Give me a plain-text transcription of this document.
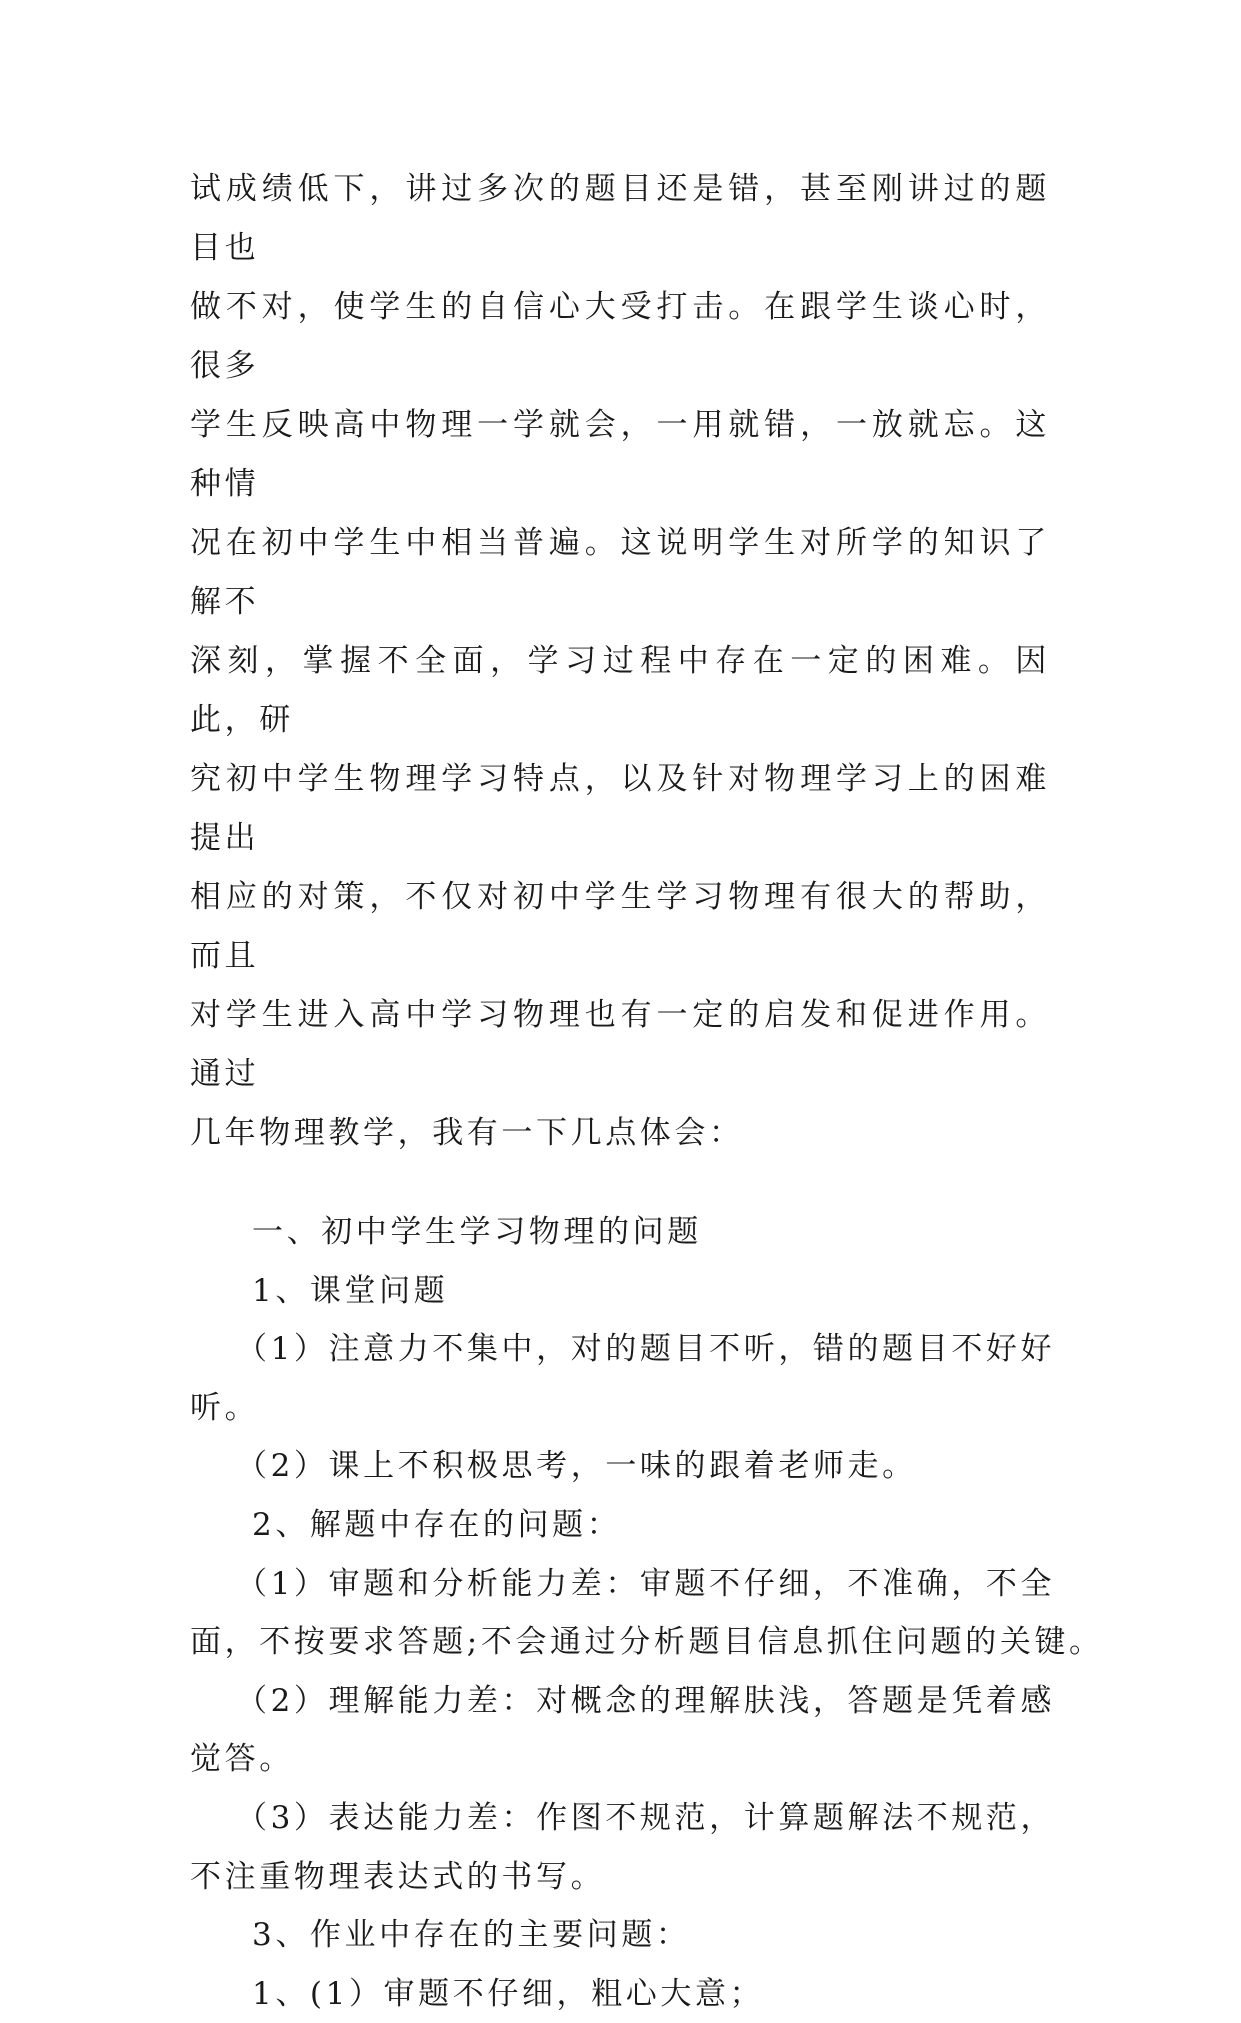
试成绩低下，讲过多次的题目还是错，甚至刚讲过的题目也

做不对，使学生的自信心大受打击。在跟学生谈心时，很多

学生反映高中物理一学就会，一用就错，一放就忘。这种情

况在初中学生中相当普遍。这说明学生对所学的知识了解不

深刻，掌握不全面，学习过程中存在一定的困难。因此，研

究初中学生物理学习特点，以及针对物理学习上的困难提出

相应的对策，不仅对初中学生学习物理有很大的帮助，而且

对学生进入高中学习物理也有一定的启发和促进作用。通过

几年物理教学，我有一下几点体会：

一、初中学生学习物理的问题

1、课堂问题

（1）注意力不集中，对的题目不听，错的题目不好好

听。

（2）课上不积极思考，一味的跟着老师走。

2、解题中存在的问题：

（1）审题和分析能力差：审题不仔细，不准确，不全

面，不按要求答题;不会通过分析题目信息抓住问题的关键。

（2）理解能力差：对概念的理解肤浅，答题是凭着感

觉答。

（3）表达能力差：作图不规范，计算题解法不规范，

不注重物理表达式的书写。

3、作业中存在的主要问题：

1、(1）审题不仔细，粗心大意；
